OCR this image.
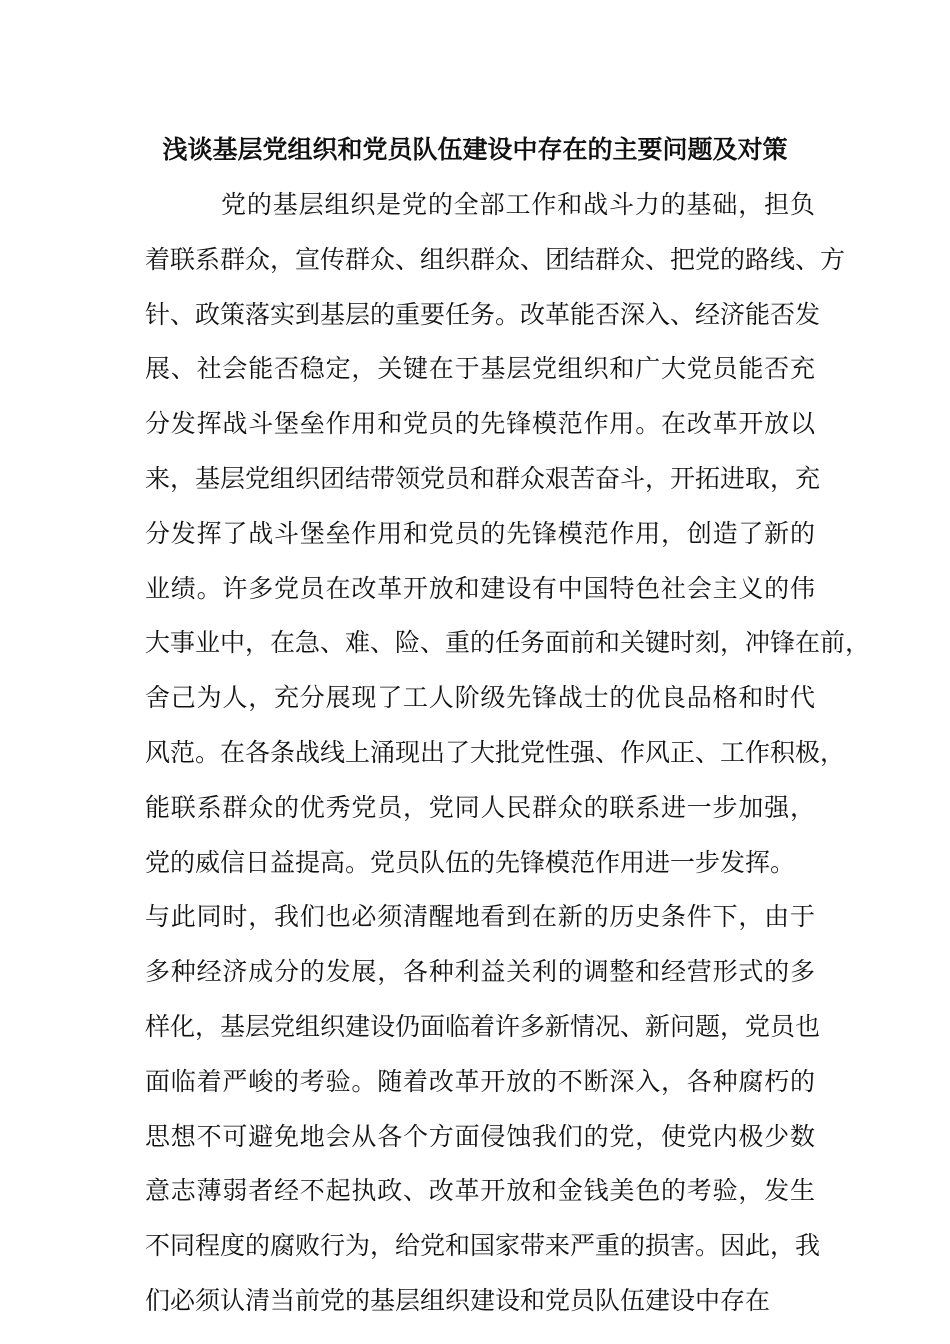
浅谈基层党组织和党员队伍建设中存在的主要问题及对策
党的基层组织是党的全部工作和战斗力的基础，担负
着联系群众，宣传群众、组织群众、团结群众、把党的路线、方
针、政策落实到基层的重要任务。改革能否深入、经济能否发
展、社会能否稳定，关键在于基层党组织和广大党员能否充
分发挥战斗堡垒作用和党员的先锋模范作用。在改革开放以
来，基层党组织团结带领党员和群众艰苦奋斗，开拓进取，充
分发挥了战斗堡垒作用和党员的先锋模范作用，创造了新的
业绩。许多党员在改革开放和建设有中国特色社会主义的伟
大事业中，在急、难、险、重的任务面前和关键时刻，冲锋在前，
舍己为人，充分展现了工人阶级先锋战士的优良品格和时代
风范。在各条战线上涌现出了大批党性强、作风正、工作积极，
能联系群众的优秀党员，党同人民群众的联系进一步加强，
党的威信日益提高。党员队伍的先锋模范作用进一步发挥。
与此同时，我们也必须清醒地看到在新的历史条件下，由于
多种经济成分的发展，各种利益关利的调整和经营形式的多
样化，基层党组织建设仍面临着许多新情况、新问题，党员也
面临着严峻的考验。随着改革开放的不断深入，各种腐朽的
思想不可避免地会从各个方面侵蚀我们的党，使党内极少数
意志薄弱者经不起执政、改革开放和金钱美色的考验，发生
不同程度的腐败行为，给党和国家带来严重的损害。因此，我
们必须认清当前党的基层组织建设和党员队伍建设中存在
